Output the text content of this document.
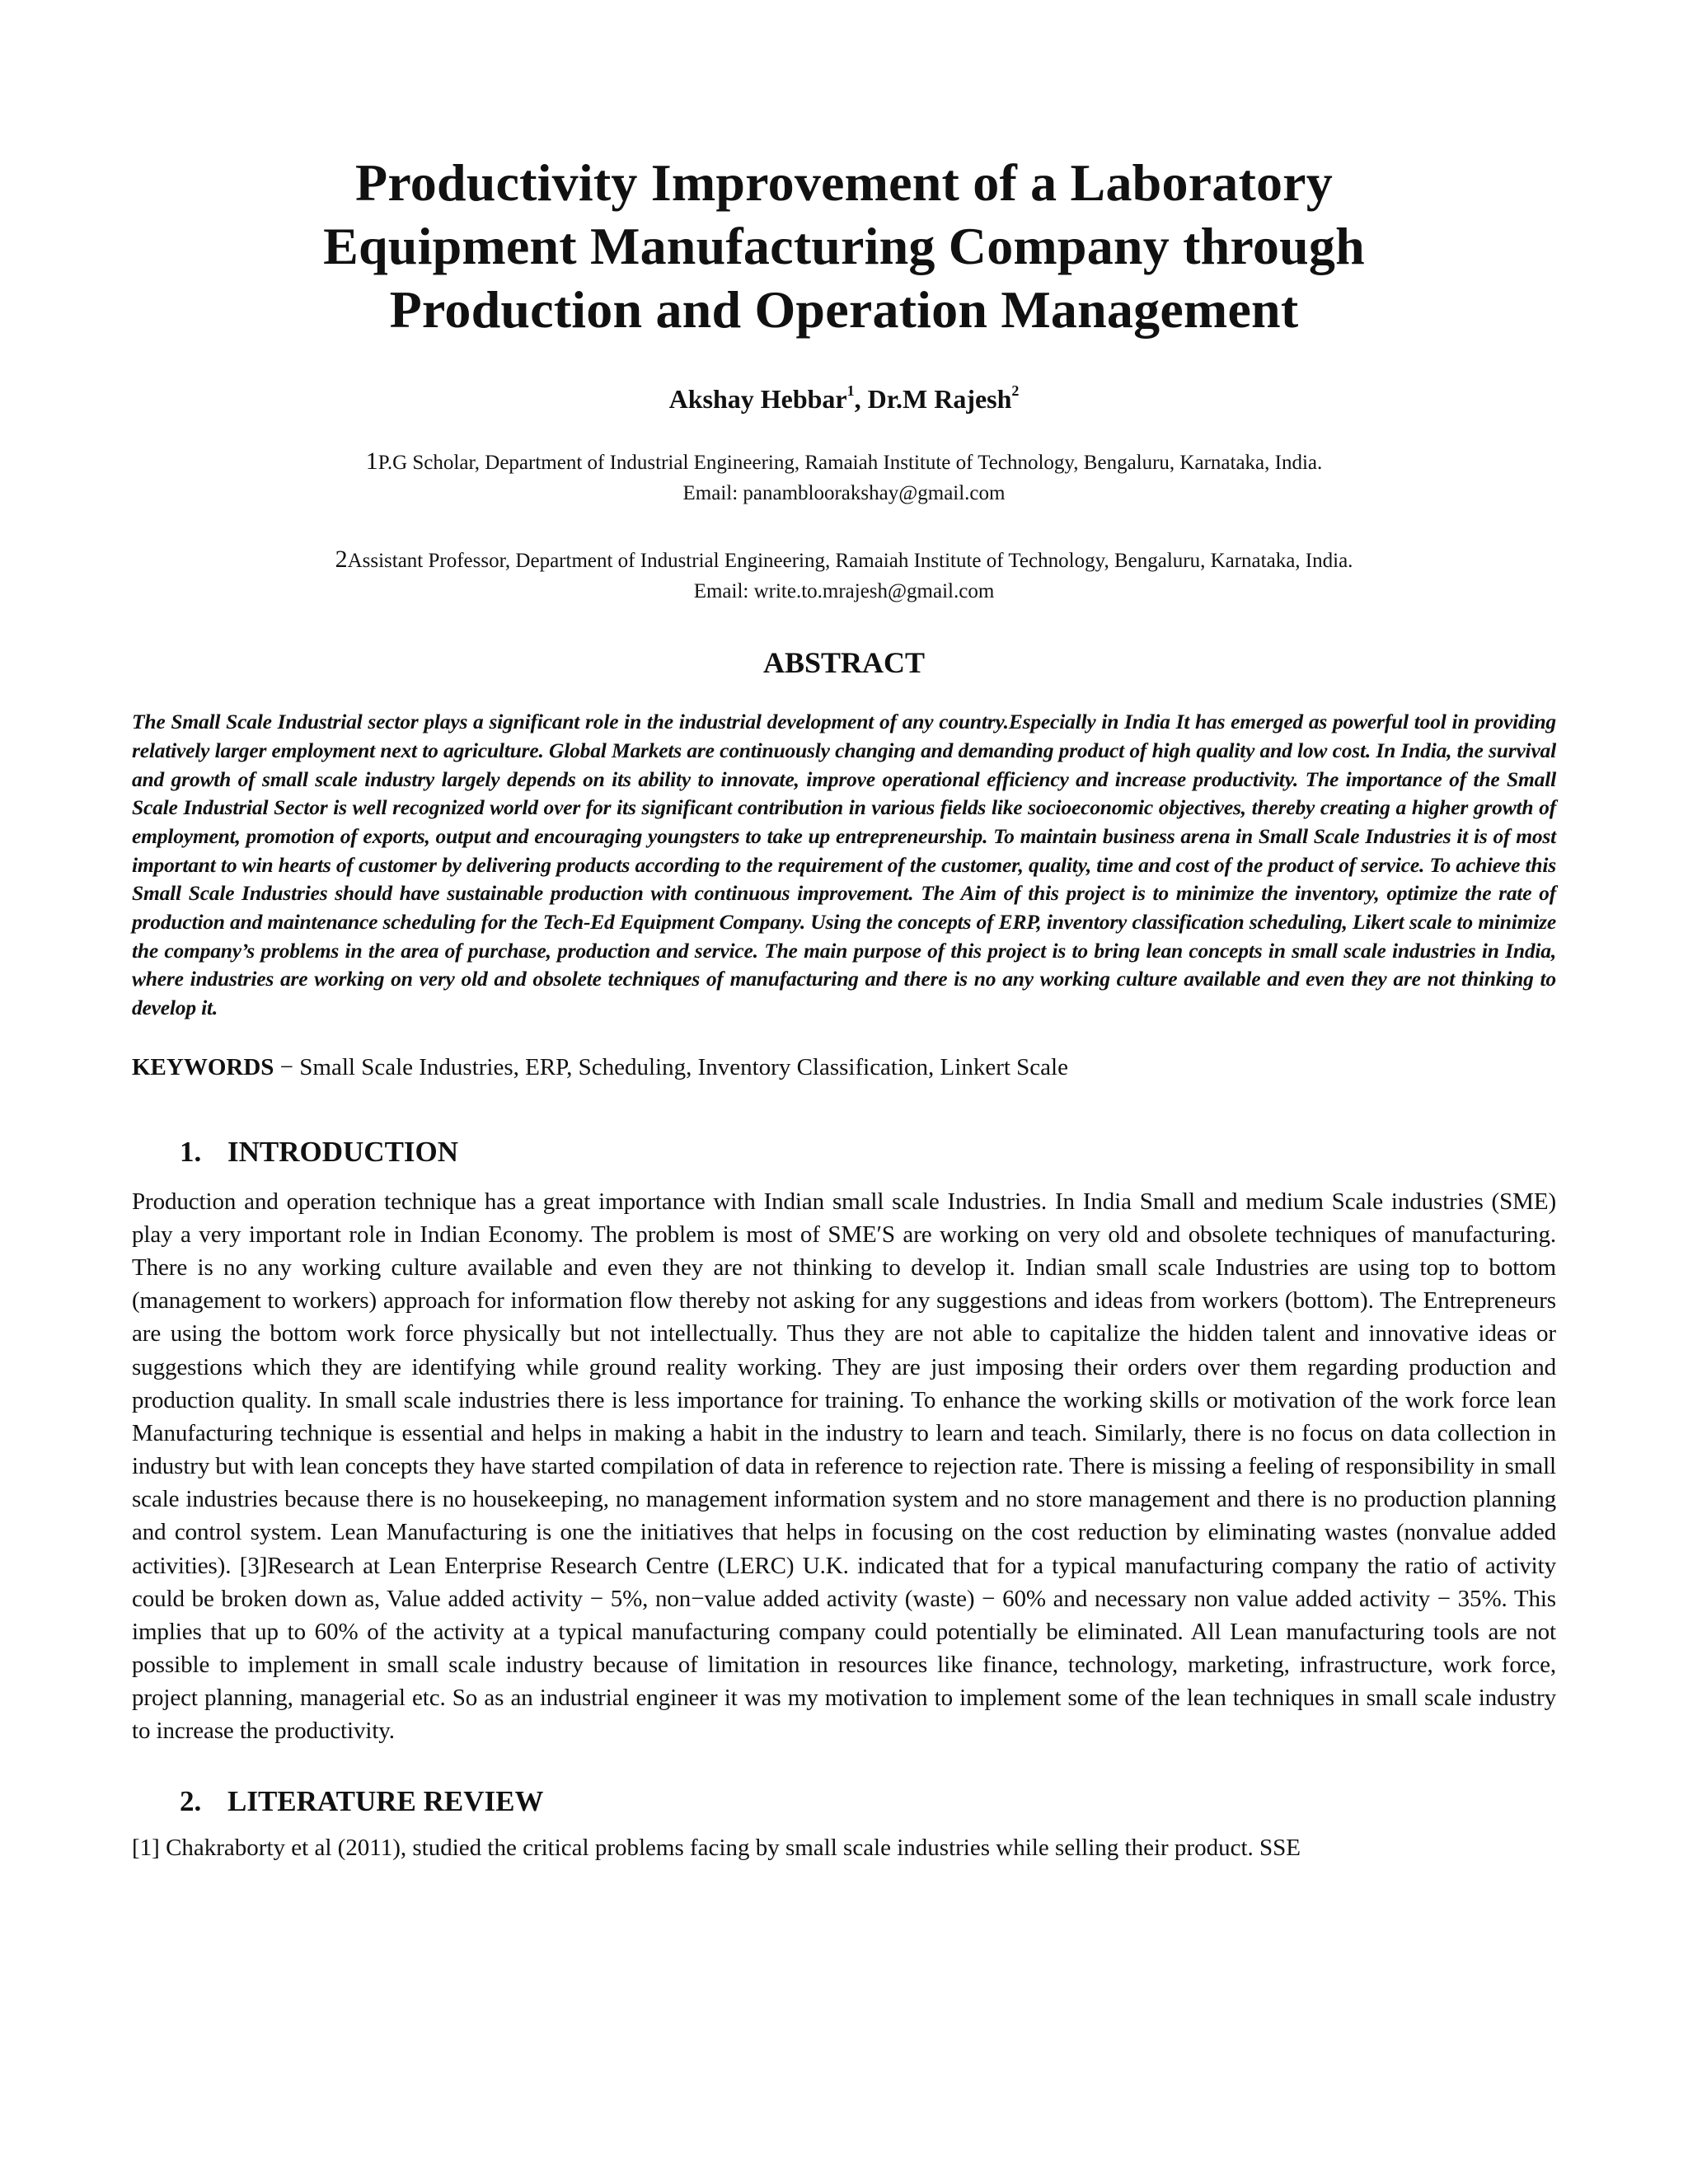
Productivity Improvement of a Laboratory
Equipment Manufacturing Company through
Production and Operation Management
Akshay Hebbar$^1$, Dr.M Rajesh$^2$
1P.G Scholar, Department of Industrial Engineering, Ramaiah Institute of Technology, Bengaluru, Karnataka, India.
Email: panambloorakshay@gmail.com
2Assistant Professor, Department of Industrial Engineering, Ramaiah Institute of Technology, Bengaluru, Karnataka, India.
Email: write.to.mrajesh@gmail.com
ABSTRACT
The Small Scale Industrial sector plays a significant role in the industrial development of any country.Especially in India It has emerged as powerful tool in providing relatively larger employment next to agriculture. Global Markets are continuously changing and demanding product of high quality and low cost. In India, the survival and growth of small scale industry largely depends on its ability to innovate, improve operational efficiency and increase productivity. The importance of the Small Scale Industrial Sector is well recognized world over for its significant contribution in various fields like socioeconomic objectives, thereby creating a higher growth of employment, promotion of exports, output and encouraging youngsters to take up entrepreneurship. To maintain business arena in Small Scale Industries it is of most important to win hearts of customer by delivering products according to the requirement of the customer, quality, time and cost of the product of service. To achieve this Small Scale Industries should have sustainable production with continuous improvement. The Aim of this project is to minimize the inventory, optimize the rate of production and maintenance scheduling for the Tech-Ed Equipment Company. Using the concepts of ERP, inventory classification scheduling, Likert scale to minimize the company’s problems in the area of purchase, production and service. The main purpose of this project is to bring lean concepts in small scale industries in India, where industries are working on very old and obsolete techniques of manufacturing and there is no any working culture available and even they are not thinking to develop it.
KEYWORDS − Small Scale Industries, ERP, Scheduling, Inventory Classification, Linkert Scale
1. INTRODUCTION
Production and operation technique has a great importance with Indian small scale Industries. In India Small and medium Scale industries (SME) play a very important role in Indian Economy. The problem is most of SME′S are working on very old and obsolete techniques of manufacturing. There is no any working culture available and even they are not thinking to develop it. Indian small scale Industries are using top to bottom (management to workers) approach for information flow thereby not asking for any suggestions and ideas from workers (bottom). The Entrepreneurs are using the bottom work force physically but not intellectually. Thus they are not able to capitalize the hidden talent and innovative ideas or suggestions which they are identifying while ground reality working. They are just imposing their orders over them regarding production and production quality. In small scale industries there is less importance for training. To enhance the working skills or motivation of the work force lean Manufacturing technique is essential and helps in making a habit in the industry to learn and teach. Similarly, there is no focus on data collection in industry but with lean concepts they have started compilation of data in reference to rejection rate. There is missing a feeling of responsibility in small scale industries because there is no housekeeping, no management information system and no store management and there is no production planning and control system. Lean Manufacturing is one the initiatives that helps in focusing on the cost reduction by eliminating wastes (nonvalue added activities). [3]Research at Lean Enterprise Research Centre (LERC) U.K. indicated that for a typical manufacturing company the ratio of activity could be broken down as, Value added activity − 5%, non−value added activity (waste) − 60% and necessary non value added activity − 35%. This implies that up to 60% of the activity at a typical manufacturing company could potentially be eliminated. All Lean manufacturing tools are not possible to implement in small scale industry because of limitation in resources like finance, technology, marketing, infrastructure, work force, project planning, managerial etc. So as an industrial engineer it was my motivation to implement some of the lean techniques in small scale industry to increase the productivity.
2. LITERATURE REVIEW
[1] Chakraborty et al (2011), studied the critical problems facing by small scale industries while selling their product. SSE
